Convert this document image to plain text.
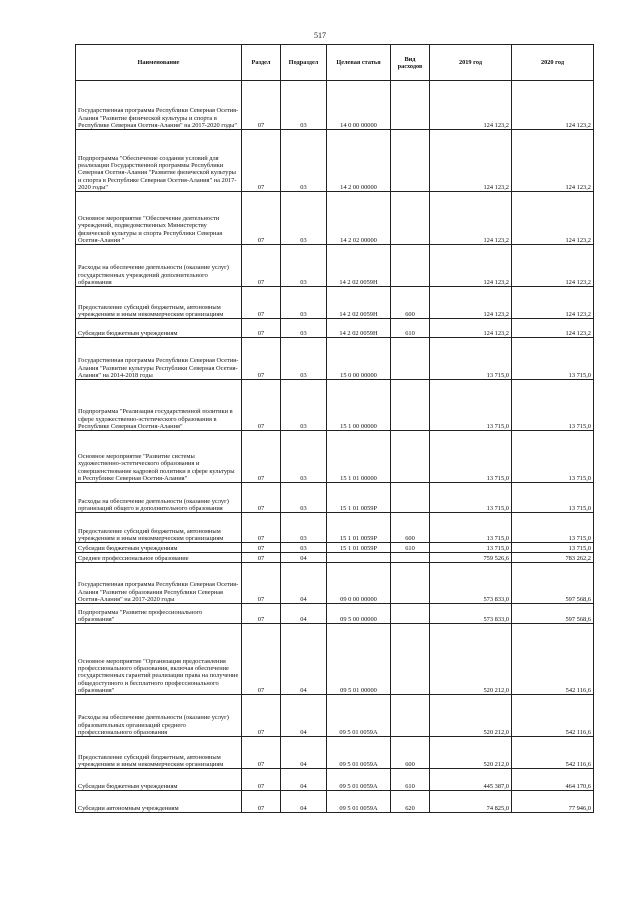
517
Наименование	Раздел	Подраздел	Целевая статья	Вид расходов	2019 год	2020 год
Государственная программа Республики Северная Осетия-Алания "Развитие физической культуры и спорта в Республике Северная Осетия-Алания" на 2017-2020 годы"	07	03	14 0 00 00000		124 123,2	124 123,2
Подпрограмма "Обеспечение создания условий для реализации Государственной программы Республики Северная Осетия-Алания "Развитие физической культуры и спорта в Республике Северная Осетия-Алания" на 2017-2020 годы"	07	03	14 2 00 00000		124 123,2	124 123,2
Основное мероприятие "Обеспечение деятельности учреждений, подведомственных Министерству физической культуры и спорта Республики Северная Осетия-Алания "	07	03	14 2 02 00000		124 123,2	124 123,2
Расходы на обеспечение деятельности (оказание услуг) государственных учреждений дополнительного образования	07	03	14 2 02 0059Н		124 123,2	124 123,2
Предоставление субсидий бюджетным, автономным учреждениям и иным некоммерческим организациям	07	03	14 2 02 0059Н	600	124 123,2	124 123,2
Субсидии бюджетным учреждениям	07	03	14 2 02 0059Н	610	124 123,2	124 123,2
Государственная программа Республики Северная Осетия-Алания "Развитие культуры Республики Северная Осетия-Алания" на 2014-2018 годы	07	03	15 0 00 00000		13 715,0	13 715,0
Подпрограмма "Реализация государственной политики в сфере художественно-эстетического образования в Республике Северная Осетия-Алания"	07	03	15 1 00 00000		13 715,0	13 715,0
Основное мероприятие "Развитие системы художественно-эстетического образования и совершенствование кадровой политики в сфере культуры в Республике Северная Осетия-Алания"	07	03	15 1 01 00000		13 715,0	13 715,0
Расходы на обеспечение деятельности (оказание услуг) организаций общего и дополнительного образования	07	03	15 1 01 0059Р		13 715,0	13 715,0
Предоставление субсидий бюджетным, автономным учреждениям и иным некоммерческим организациям	07	03	15 1 01 0059Р	600	13 715,0	13 715,0
Субсидии бюджетным учреждениям	07	03	15 1 01 0059Р	610	13 715,0	13 715,0
Среднее профессиональное образование	07	04			759 526,6	783 262,2
Государственная программа Республики Северная Осетия-Алания "Развитие образования Республики Северная Осетия-Алания" на 2017-2020 годы	07	04	09 0 00 00000		573 833,0	597 568,6
Подпрограмма "Развитие профессионального образования"	07	04	09 5 00 00000		573 833,0	597 568,6
Основное мероприятие "Организация предоставления профессионального образования, включая обеспечение государственных гарантий реализации права на получение общедоступного и бесплатного профессионального образования"	07	04	09 5 01 00000		520 212,0	542 116,6
Расходы на обеспечение деятельности (оказание услуг) образовательных организаций среднего профессионального образования	07	04	09 5 01 0059А		520 212,0	542 116,6
Предоставление субсидий бюджетным, автономным учреждениям и иным некоммерческим организациям	07	04	09 5 01 0059А	600	520 212,0	542 116,6
Субсидии бюджетным учреждениям	07	04	09 5 01 0059А	610	445 387,0	464 170,6
Субсидии автономным учреждениям	07	04	09 5 01 0059А	620	74 825,0	77 946,0
